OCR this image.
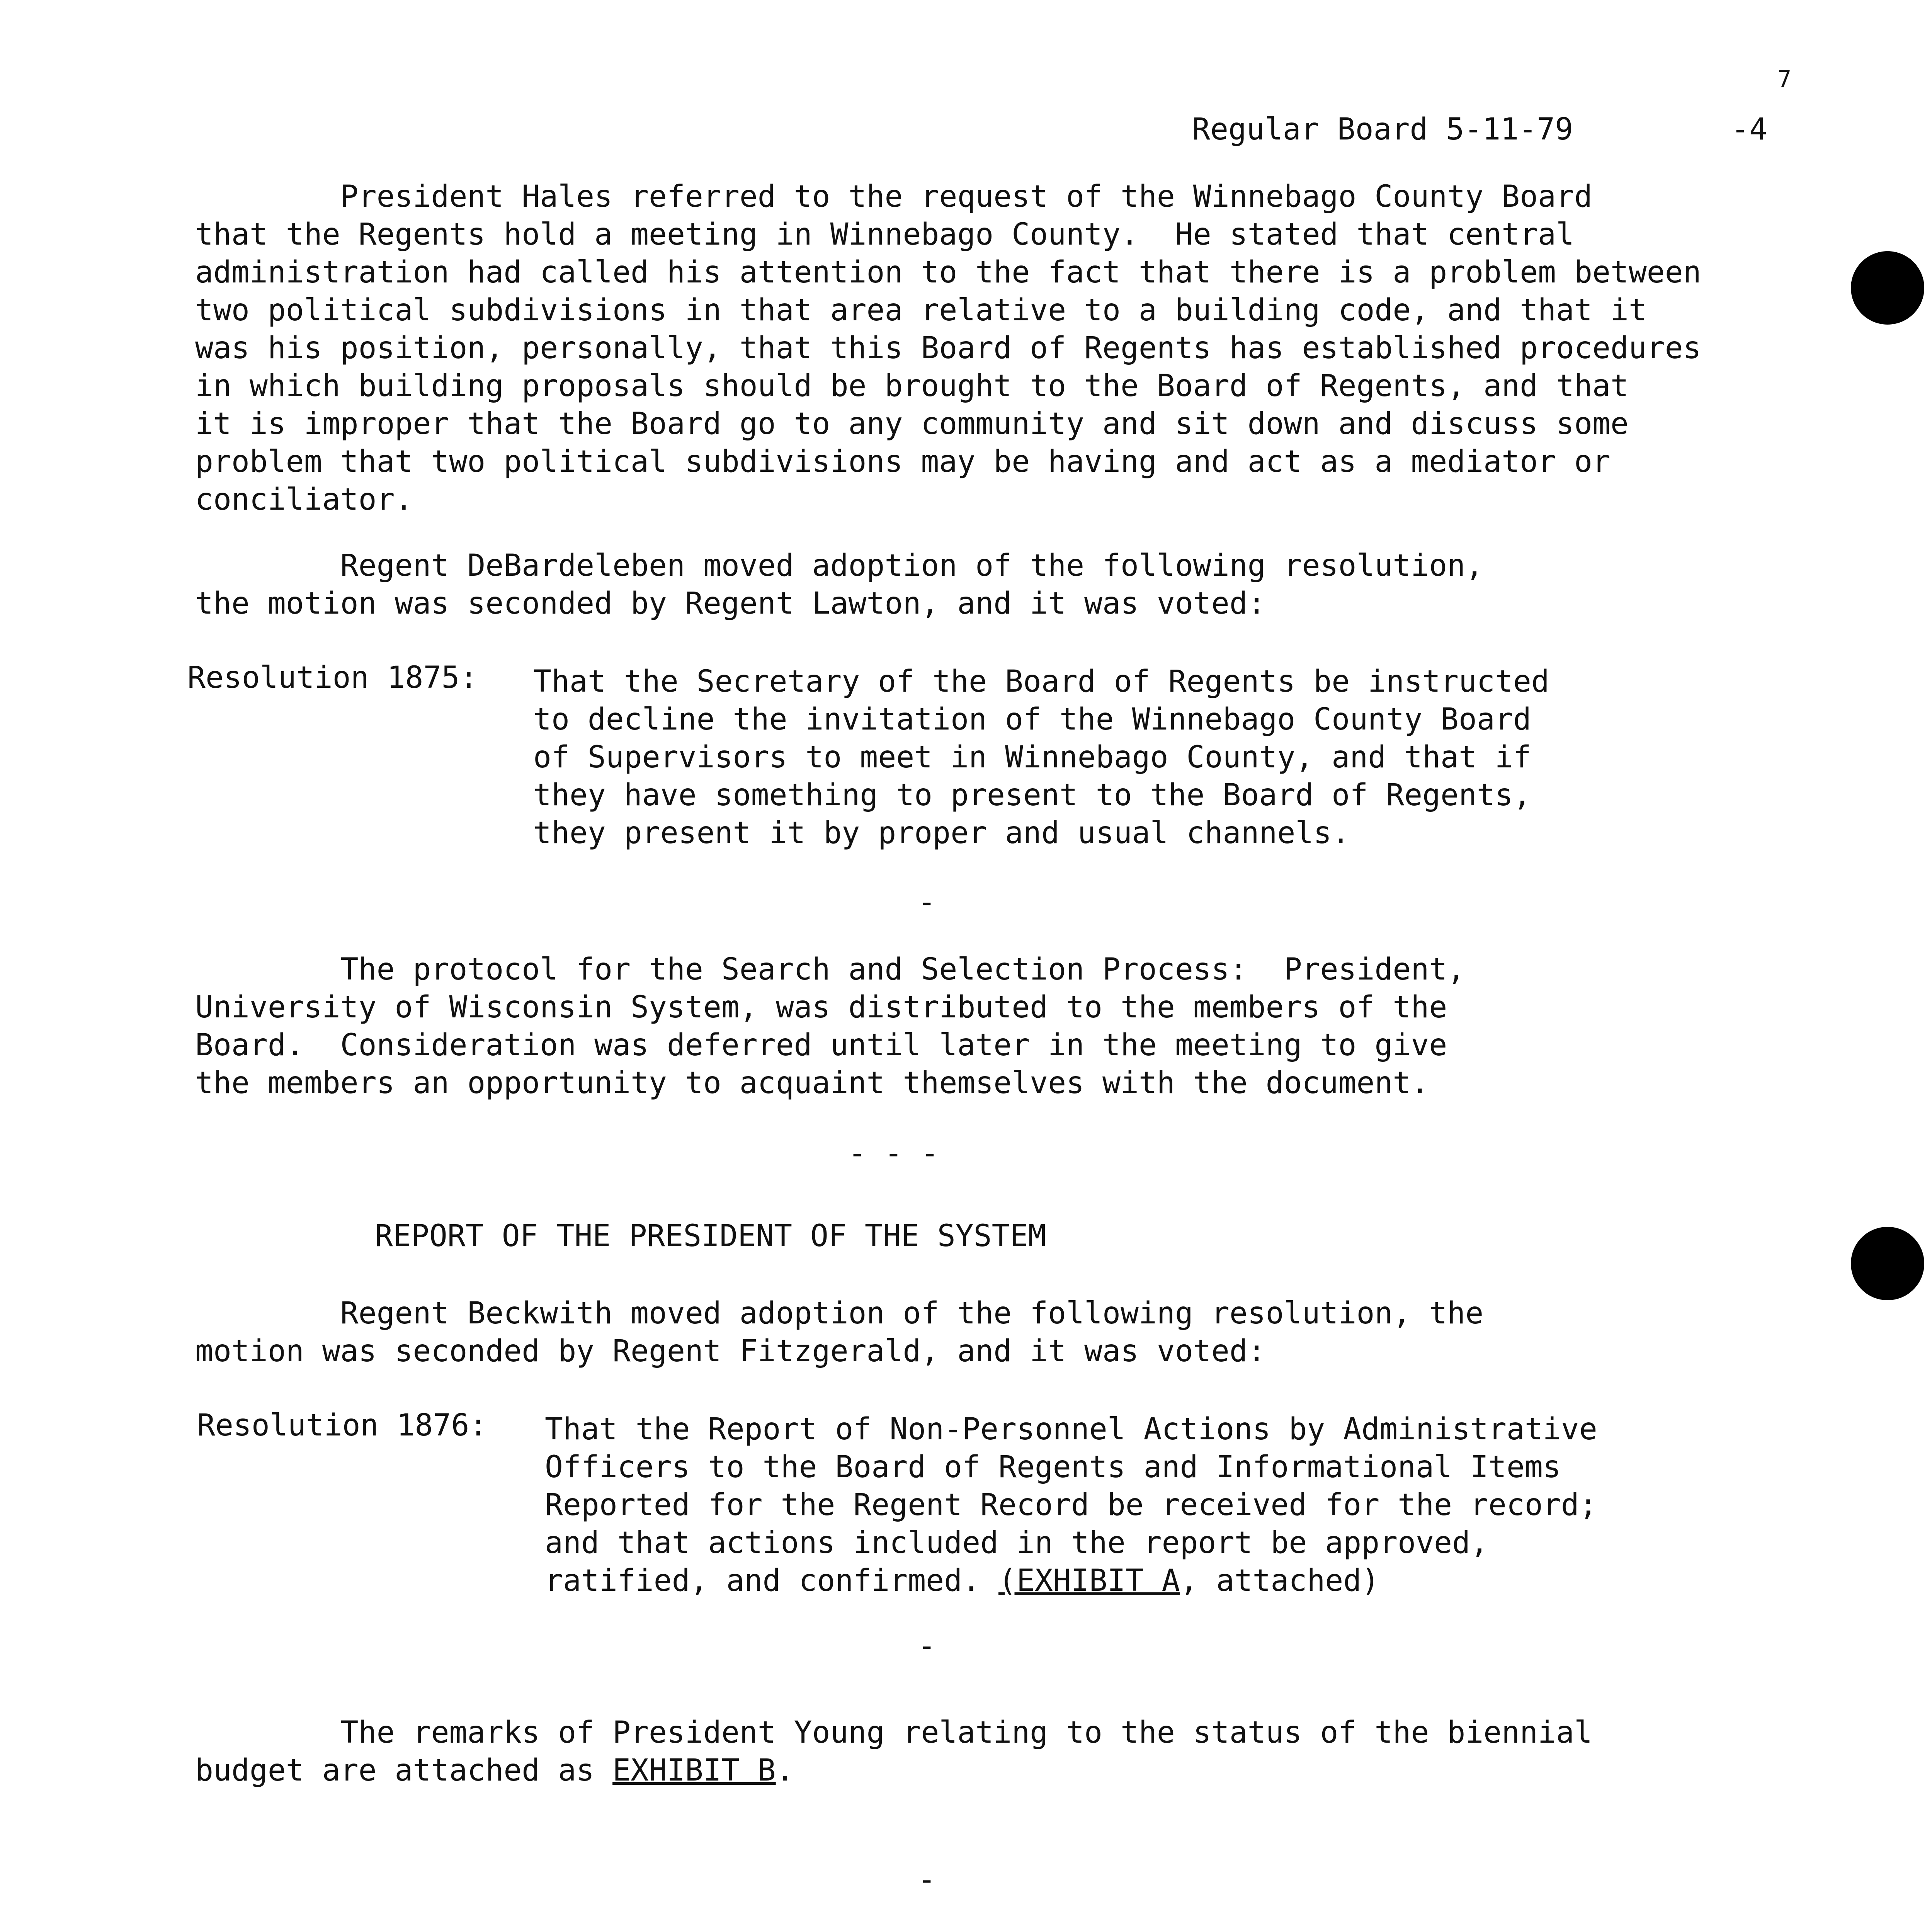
7
Regular Board 5-11-79	-4
President Hales referred to the request of the Winnebago County Board
that the Regents hold a meeting in Winnebago County.  He stated that central
administration had called his attention to the fact that there is a problem between
two political subdivisions in that area relative to a building code, and that it
was his position, personally, that this Board of Regents has established procedures
in which building proposals should be brought to the Board of Regents, and that
it is improper that the Board go to any community and sit down and discuss some
problem that two political subdivisions may be having and act as a mediator or
conciliator.
Regent DeBardeleben moved adoption of the following resolution,
the motion was seconded by Regent Lawton, and it was voted:
Resolution 1875: That the Secretary of the Board of Regents be instructed
to decline the invitation of the Winnebago County Board
of Supervisors to meet in Winnebago County, and that if
they have something to present to the Board of Regents,
they present it by proper and usual channels.
-
The protocol for the Search and Selection Process:  President,
University of Wisconsin System, was distributed to the members of the
Board.  Consideration was deferred until later in the meeting to give
the members an opportunity to acquaint themselves with the document.
- - -
REPORT OF THE PRESIDENT OF THE SYSTEM
Regent Beckwith moved adoption of the following resolution, the
motion was seconded by Regent Fitzgerald, and it was voted:
Resolution 1876: That the Report of Non-Personnel Actions by Administrative
Officers to the Board of Regents and Informational Items
Reported for the Regent Record be received for the record;
and that actions included in the report be approved,
ratified, and confirmed. (EXHIBIT A, attached)
-
The remarks of President Young relating to the status of the biennial
budget are attached as EXHIBIT B.
-
